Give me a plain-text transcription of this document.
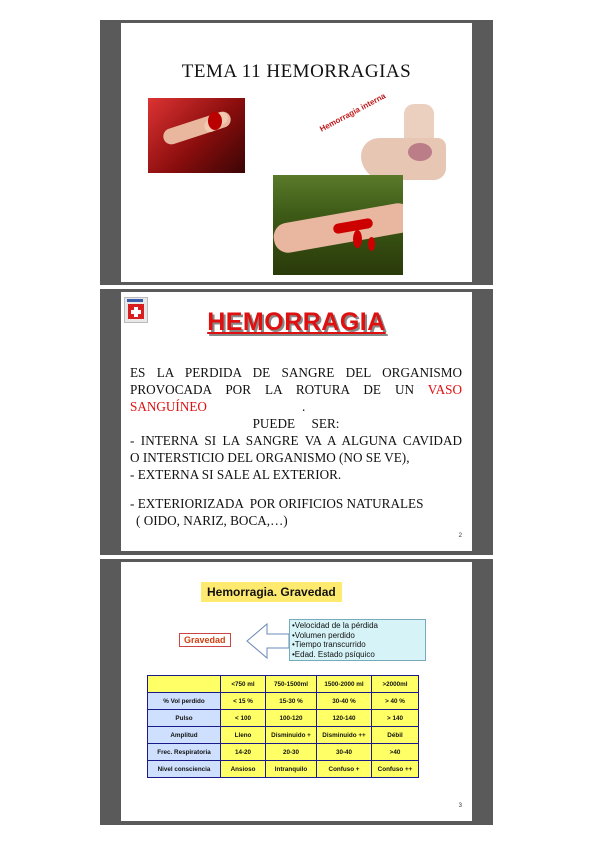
TEMA 11 HEMORRAGIAS
Hemorragia interna
HEMORRAGIA
ES LA PERDIDA DE SANGRE DEL ORGANISMO
PROVOCADA POR LA ROTURA DE UN VASO
SANGUÍNEO	.
PUEDE     SER:
- INTERNA SI LA SANGRE VA A ALGUNA CAVIDAD
O INTERSTICIO DEL ORGANISMO (NO SE VE),
- EXTERNA SI SALE AL EXTERIOR.
- EXTERIORIZADA  POR ORIFICIOS NATURALES
( OIDO, NARIZ, BOCA,…)
2
Hemorragia. Gravedad
Gravedad
•Velocidad de la pérdida
•Volumen perdido
•Tiempo transcurrido
•Edad. Estado psíquico
	<750 ml	750-1500ml	1500-2000 ml	>2000ml
% Vol perdido	< 15 %	15-30 %	30-40 %	> 40 %
Pulso	< 100	100-120	120-140	> 140
Amplitud	Lleno	Disminuido +	Disminuido ++	Débil
Frec. Respiratoria	14-20	20-30	30-40	>40
Nivel consciencia	Ansioso	Intranquilo	Confuso +	Confuso ++
3
